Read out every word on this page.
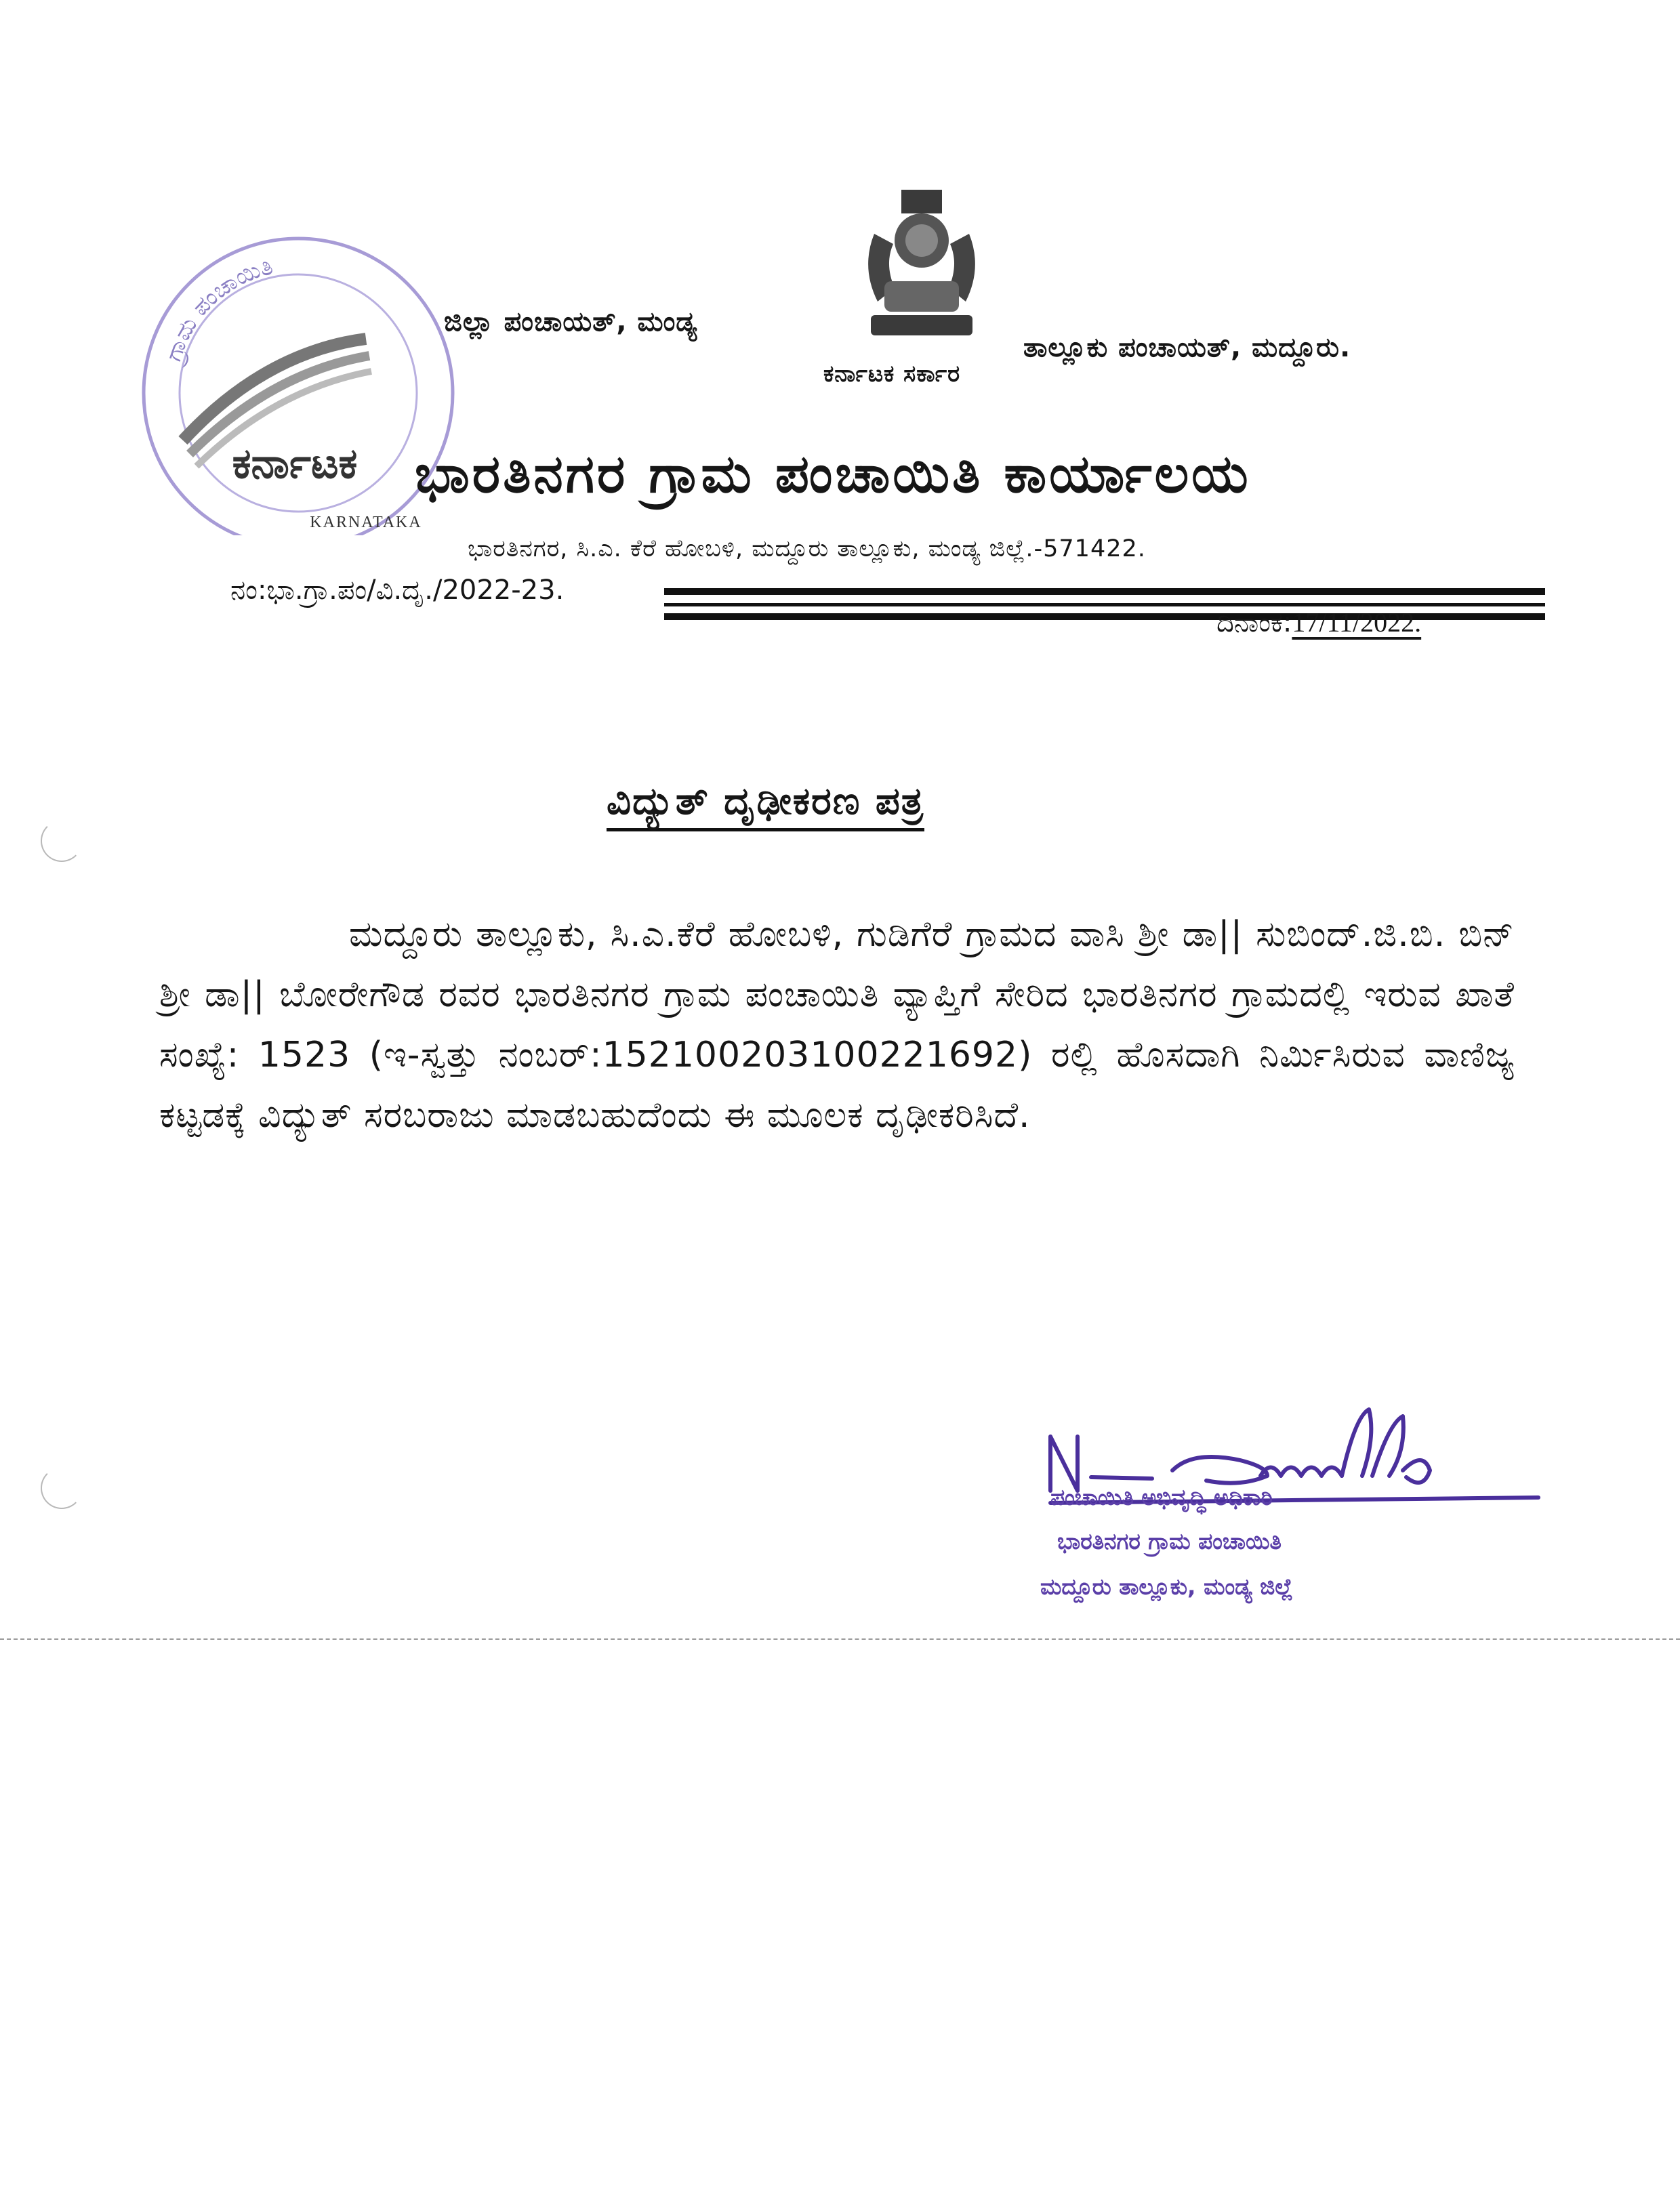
ಗ್ರಾಮ ಪಂಚಾಯಿತಿ
ಕರ್ನಾಟಕ
KARNATAKA
ಜಿಲ್ಲಾ ಪಂಚಾಯತ್, ಮಂಡ್ಯ
ತಾಲ್ಲೂಕು ಪಂಚಾಯತ್, ಮದ್ದೂರು.
ಕರ್ನಾಟಕ ಸರ್ಕಾರ
ಭಾರತಿನಗರ ಗ್ರಾಮ ಪಂಚಾಯಿತಿ ಕಾರ್ಯಾಲಯ
ಭಾರತಿನಗರ, ಸಿ.ಎ. ಕೆರೆ ಹೋಬಳಿ, ಮದ್ದೂರು ತಾಲ್ಲೂಕು, ಮಂಡ್ಯ ಜಿಲ್ಲೆ.-571422.
ನಂ:ಭಾ.ಗ್ರಾ.ಪಂ/ವಿ.ದೃ./2022-23.
ದಿನಾಂಕ:17/11/2022.
ವಿದ್ಯುತ್ ದೃಢೀಕರಣ ಪತ್ರ
ಮದ್ದೂರು ತಾಲ್ಲೂಕು, ಸಿ.ಎ.ಕೆರೆ ಹೋಬಳಿ, ಗುಡಿಗೆರೆ ಗ್ರಾಮದ ವಾಸಿ ಶ್ರೀ ಡಾ|| ಸುಬಿಂದ್.ಜಿ.ಬಿ. ಬಿನ್ ಶ್ರೀ ಡಾ|| ಬೋರೇಗೌಡ ರವರ ಭಾರತಿನಗರ ಗ್ರಾಮ ಪಂಚಾಯಿತಿ ವ್ಯಾಪ್ತಿಗೆ ಸೇರಿದ ಭಾರತಿನಗರ ಗ್ರಾಮದಲ್ಲಿ ಇರುವ ಖಾತೆ ಸಂಖ್ಯೆ: 1523 (ಇ-ಸ್ವತ್ತು ನಂಬರ್:152100203100221692) ರಲ್ಲಿ ಹೊಸದಾಗಿ ನಿರ್ಮಿಸಿರುವ ವಾಣಿಜ್ಯ ಕಟ್ಟಡಕ್ಕೆ ವಿದ್ಯುತ್ ಸರಬರಾಜು ಮಾಡಬಹುದೆಂದು ಈ ಮೂಲಕ ದೃಢೀಕರಿಸಿದೆ.
ಪಂಚಾಯಿತಿ ಅಭಿವೃದ್ಧಿ ಅಧಿಕಾರಿ
ಭಾರತಿನಗರ ಗ್ರಾಮ ಪಂಚಾಯಿತಿ
ಮದ್ದೂರು ತಾಲ್ಲೂಕು, ಮಂಡ್ಯ ಜಿಲ್ಲೆ
